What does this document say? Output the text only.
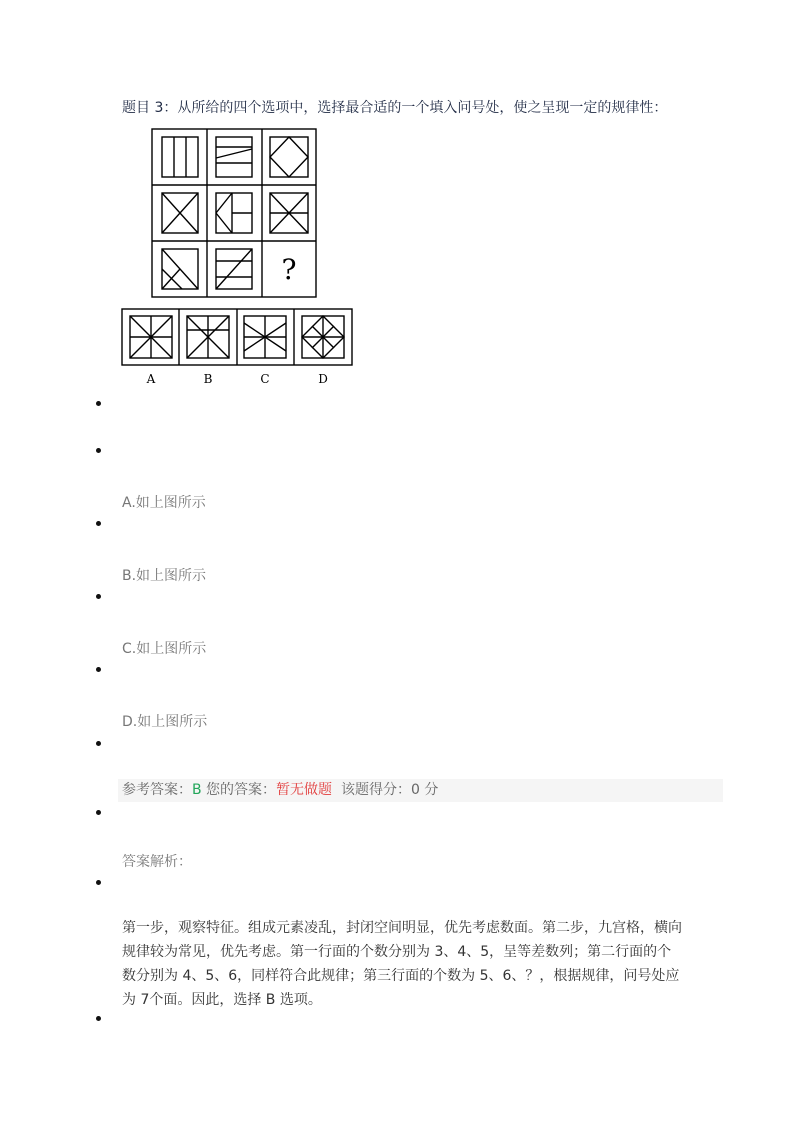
题目 3：从所给的四个选项中，选择最合适的一个填入问号处，使之呈现一定的规律性：
?
A	B	C	D
A.如上图所示
B.如上图所示
C.如上图所示
D.如上图所示
参考答案：B 您的答案：暂无做题  该题得分：0 分
答案解析：
第一步，观察特征。组成元素凌乱，封闭空间明显，优先考虑数面。第二步，九宫格，横向规律较为常见，优先考虑。第一行面的个数分别为 3、4、5，呈等差数列；第二行面的个数分别为 4、5、6，同样符合此规律；第三行面的个数为 5、6、？，根据规律，问号处应为 7个面。因此，选择 B 选项。
